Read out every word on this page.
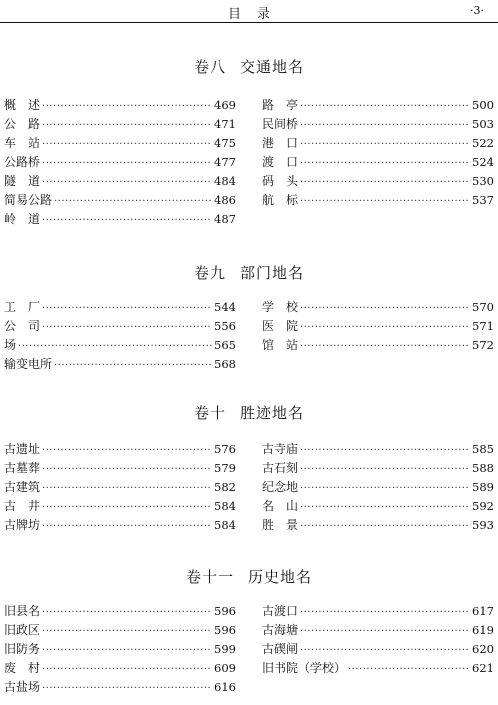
目录	·3·
卷八 交通地名
概　述 ·····	469
公　路 ·····	471
车　站 ·····	475
公路桥 ·····	477
隧　道 ·····	484
简易公路 ·····	486
岭　道 ·····	487
路　亭 ·····	500
民间桥 ·····	503
港　口 ·····	522
渡　口 ·····	524
码　头 ·····	530
航　标 ·····	537
卷九 部门地名
工　厂 ·····	544
公　司 ·····	556
场 ·····	565
输变电所 ·····	568
学　校 ·····	570
医　院 ·····	571
馆　站 ·····	572
卷十 胜迹地名
古遗址 ·····	576
古墓葬 ·····	579
古建筑 ·····	582
古　井 ·····	584
古牌坊 ·····	584
古寺庙 ·····	585
古石刻 ·····	588
纪念地 ·····	589
名　山 ·····	592
胜　景 ·····	593
卷十一 历史地名
旧县名 ·····	596
旧政区 ·····	596
旧防务 ·····	599
废　村 ·····	609
古盐场 ·····	616
古渡口 ·····	617
古海塘 ·····	619
古碶闸 ·····	620
旧书院（学校） ·····	621
